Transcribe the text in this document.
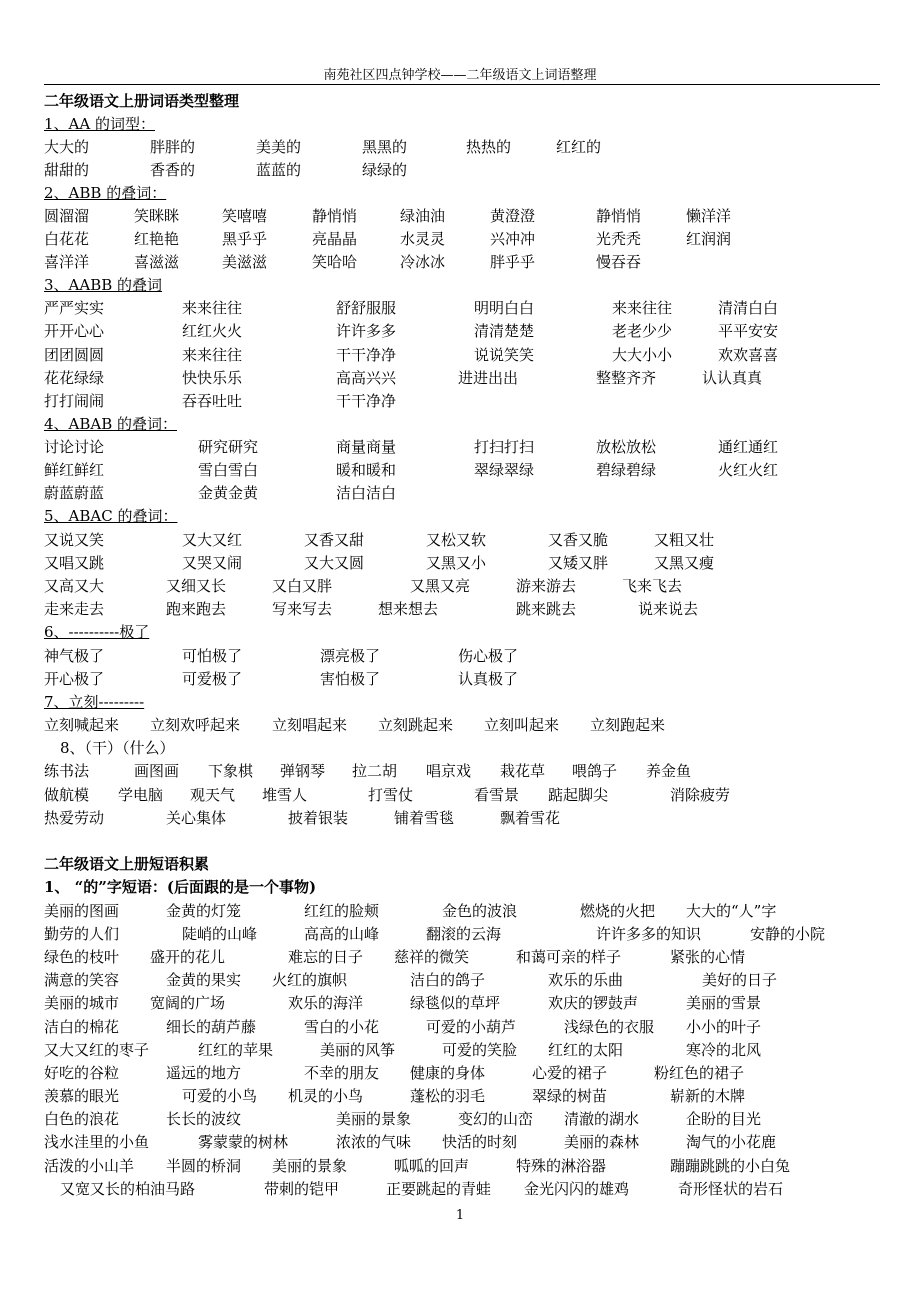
南苑社区四点钟学校——二年级语文上词语整理
二年级语文上册词语类型整理
1、AA 的词型：
大大的	胖胖的	美美的	黑黑的	热热的	红红的
甜甜的	香香的	蓝蓝的	绿绿的
2、ABB 的叠词：
圆溜溜	笑眯眯	笑嘻嘻	静悄悄	绿油油	黄澄澄	静悄悄	懒洋洋
白花花	红艳艳	黑乎乎	亮晶晶	水灵灵	兴冲冲	光秃秃	红润润
喜洋洋	喜滋滋	美滋滋	笑哈哈	冷冰冰	胖乎乎	慢吞吞
3、AABB 的叠词
严严实实	来来往往	舒舒服服	明明白白	来来往往	清清白白
开开心心	红红火火	许许多多	清清楚楚	老老少少	平平安安
团团圆圆	来来往往	干干净净	说说笑笑	大大小小	欢欢喜喜
花花绿绿	快快乐乐	高高兴兴	进进出出	整整齐齐	认认真真
打打闹闹	吞吞吐吐	干干净净
4、ABAB 的叠词：
讨论讨论	研究研究	商量商量	打扫打扫	放松放松	通红通红
鲜红鲜红	雪白雪白	暖和暖和	翠绿翠绿	碧绿碧绿	火红火红
蔚蓝蔚蓝	金黄金黄	洁白洁白
5、ABAC 的叠词：
又说又笑	又大又红	又香又甜	又松又软	又香又脆	又粗又壮
又唱又跳	又哭又闹	又大又圆	又黑又小	又矮又胖	又黑又瘦
又高又大	又细又长	又白又胖	又黑又亮	游来游去	飞来飞去
走来走去	跑来跑去	写来写去	想来想去	跳来跳去	说来说去
6、----------极了
神气极了	可怕极了	漂亮极了	伤心极了
开心极了	可爱极了	害怕极了	认真极了
7、立刻---------
立刻喊起来 立刻欢呼起来 立刻唱起来 立刻跳起来 立刻叫起来 立刻跑起来
8、（干）（什么）
练书法	画图画 下象棋 弹钢琴 拉二胡 唱京戏 栽花草 喂鸽子 养金鱼
做航模 学电脑 观天气 堆雪人	打雪仗	看雪景 踮起脚尖	消除疲劳
热爱劳动	关心集体	披着银装	铺着雪毯	飘着雪花
二年级语文上册短语积累
1、 “的”字短语：(后面跟的是一个事物)
美丽的图画	金黄的灯笼	红红的脸颊	金色的波浪	燃烧的火把 大大的“人”字
勤劳的人们	陡峭的山峰	高高的山峰	翻滚的云海	许许多多的知识	安静的小院
绿色的枝叶 盛开的花儿	难忘的日子 慈祥的微笑	和蔼可亲的样子	紧张的心情
满意的笑容	金黄的果实 火红的旗帜	洁白的鸽子	欢乐的乐曲	美好的日子
美丽的城市 宽阔的广场	欢乐的海洋	绿毯似的草坪	欢庆的锣鼓声	美丽的雪景
洁白的棉花	细长的葫芦藤	雪白的小花	可爱的小葫芦	浅绿色的衣服 小小的叶子
又大又红的枣子	红红的苹果	美丽的风筝	可爱的笑脸 红红的太阳	寒冷的北风
好吃的谷粒	遥远的地方	不幸的朋友 健康的身体	心爱的裙子	粉红色的裙子
羡慕的眼光	可爱的小鸟 机灵的小鸟	蓬松的羽毛	翠绿的树苗	崭新的木牌
白色的浪花	长长的波纹	美丽的景象	变幻的山峦 清澈的湖水	企盼的目光
浅水洼里的小鱼	雾蒙蒙的树林	浓浓的气味 快活的时刻	美丽的森林	淘气的小花鹿
活泼的小山羊 半圆的桥洞 美丽的景象	呱呱的回声	特殊的淋浴器	蹦蹦跳跳的小白兔
又宽又长的柏油马路	带刺的铠甲	正要跳起的青蛙 金光闪闪的雄鸡	奇形怪状的岩石
1
